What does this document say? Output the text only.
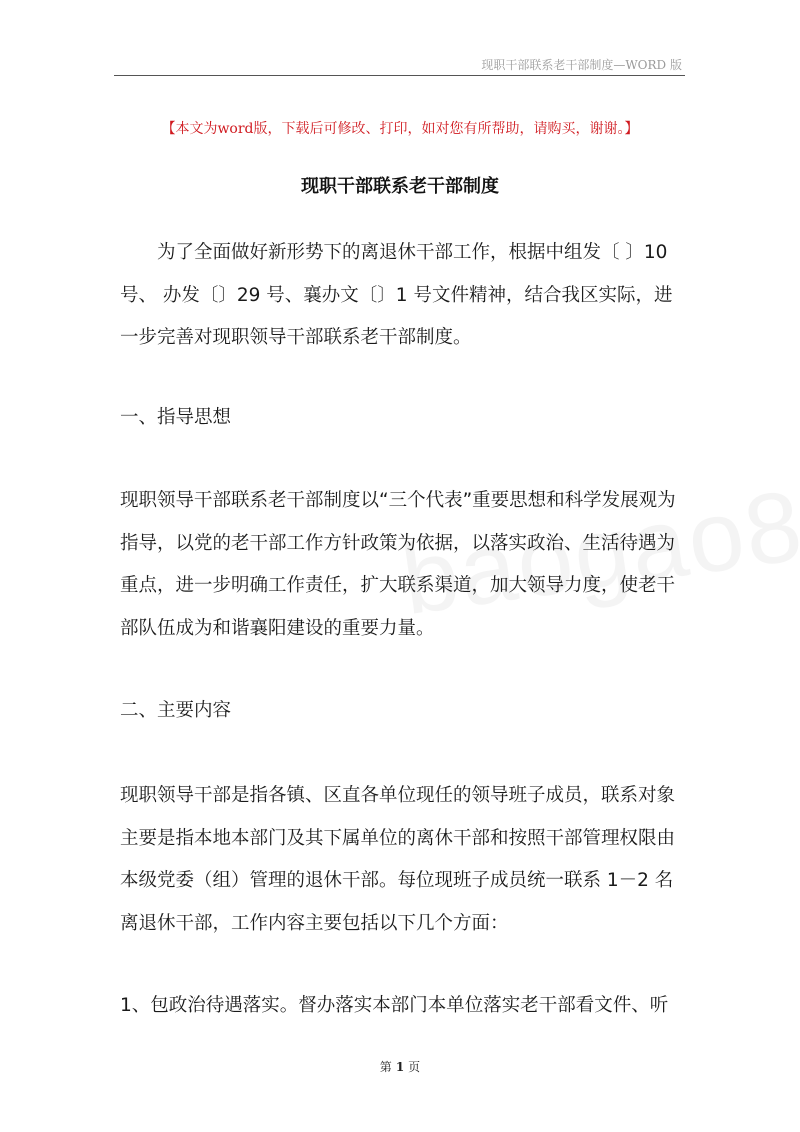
现职干部联系老干部制度—WORD 版
【本文为word版，下载后可修改、打印，如对您有所帮助，请购买，谢谢。】
现职干部联系老干部制度

为了全面做好新形势下的离退休干部工作，根据中组发〔 〕10 号、 办发〔〕29 号、襄办文〔〕1 号文件精神，结合我区实际，进一步完善对现职领导干部联系老干部制度。

一、指导思想

现职领导干部联系老干部制度以“三个代表”重要思想和科学发展观为指导，以党的老干部工作方针政策为依据，以落实政治、生活待遇为重点，进一步明确工作责任，扩大联系渠道，加大领导力度，使老干部队伍成为和谐襄阳建设的重要力量。

二、主要内容

现职领导干部是指各镇、区直各单位现任的领导班子成员，联系对象主要是指本地本部门及其下属单位的离休干部和按照干部管理权限由本级党委（组）管理的退休干部。每位现班子成员统一联系 1－2 名离退休干部，工作内容主要包括以下几个方面：

1、包政治待遇落实。督办落实本部门本单位落实老干部看文件、听

第 1 页
